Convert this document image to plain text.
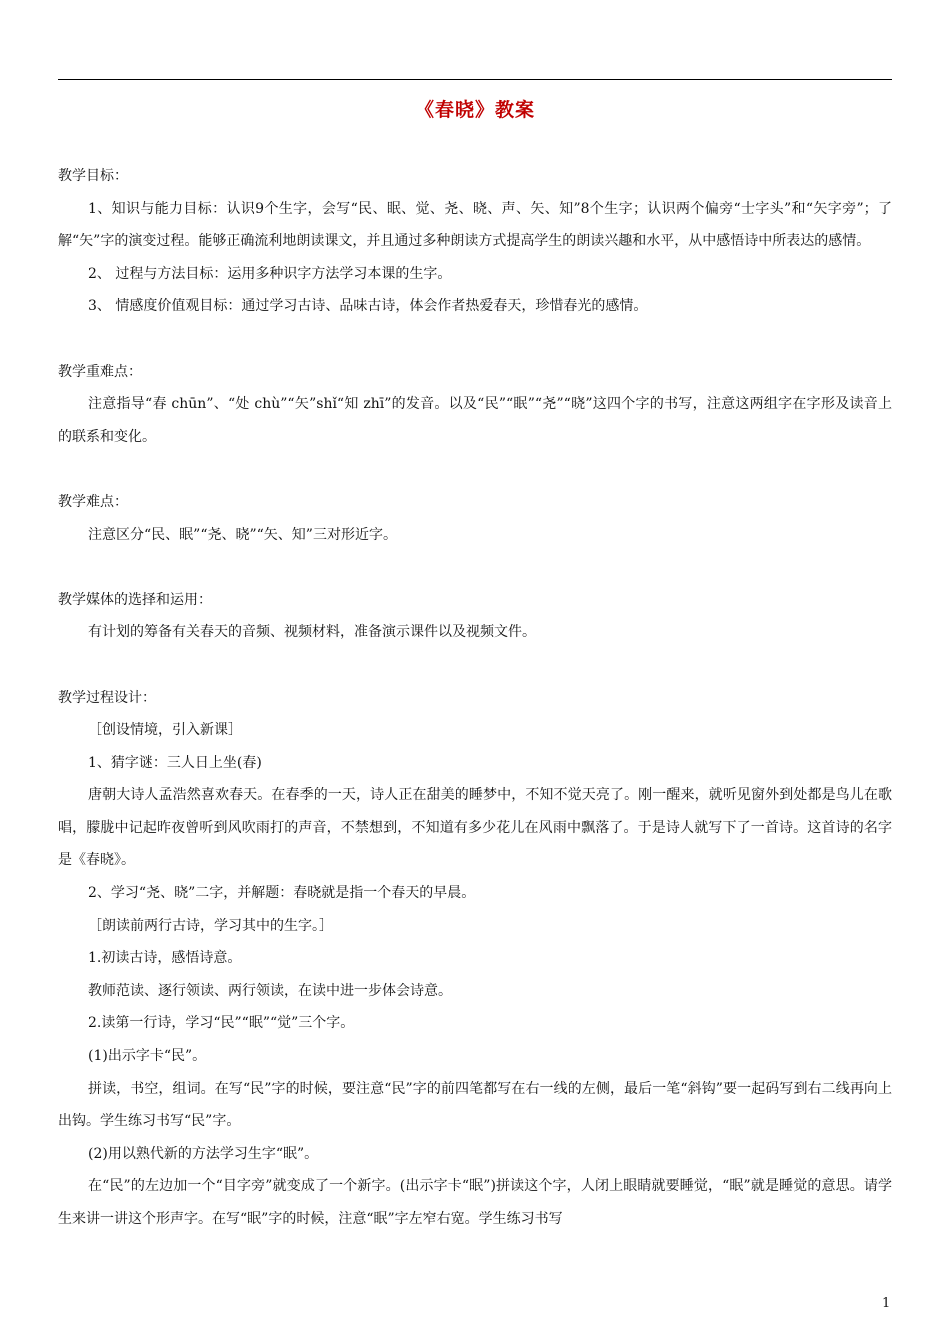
《春晓》教案

教学目标：

1、知识与能力目标：认识9个生字，会写“民、眠、觉、尧、晓、声、矢、知”8个生字；认识两个偏旁“士字头”和“矢字旁”；了解“矢”字的演变过程。能够正确流利地朗读课文，并且通过多种朗读方式提高学生的朗读兴趣和水平，从中感悟诗中所表达的感情。

2、 过程与方法目标：运用多种识字方法学习本课的生字。

3、 情感度价值观目标：通过学习古诗、品味古诗，体会作者热爱春天，珍惜春光的感情。

教学重难点：

注意指导“春 chūn”、“处 chù”“矢”shǐ“知 zhī”的发音。以及“民”“眠”“尧”“晓”这四个字的书写，注意这两组字在字形及读音上的联系和变化。

教学难点：

注意区分“民、眠”“尧、晓”“矢、知”三对形近字。

教学媒体的选择和运用：

有计划的筹备有关春天的音频、视频材料，准备演示课件以及视频文件。

教学过程设计：

［创设情境，引入新课］

1、猜字谜：三人日上坐(春)

唐朝大诗人孟浩然喜欢春天。在春季的一天，诗人正在甜美的睡梦中，不知不觉天亮了。刚一醒来，就听见窗外到处都是鸟儿在歌唱，朦胧中记起昨夜曾听到风吹雨打的声音，不禁想到，不知道有多少花儿在风雨中飘落了。于是诗人就写下了一首诗。这首诗的名字是《春晓》。

2、学习“尧、晓”二字，并解题：春晓就是指一个春天的早晨。

［朗读前两行古诗，学习其中的生字。］

1.初读古诗，感悟诗意。

教师范读、逐行领读、两行领读，在读中进一步体会诗意。

2.读第一行诗，学习“民”“眠”“觉”三个字。

(1)出示字卡“民”。

拼读，书空，组词。在写“民”字的时候，要注意“民”字的前四笔都写在右一线的左侧，最后一笔“斜钩”要一起码写到右二线再向上出钩。学生练习书写“民”字。

(2)用以熟代新的方法学习生字“眠”。

在“民”的左边加一个“目字旁”就变成了一个新字。(出示字卡“眠”)拼读这个字，人闭上眼睛就要睡觉，“眠”就是睡觉的意思。请学生来讲一讲这个形声字。在写“眠”字的时候，注意“眠”字左窄右宽。学生练习书写

1
